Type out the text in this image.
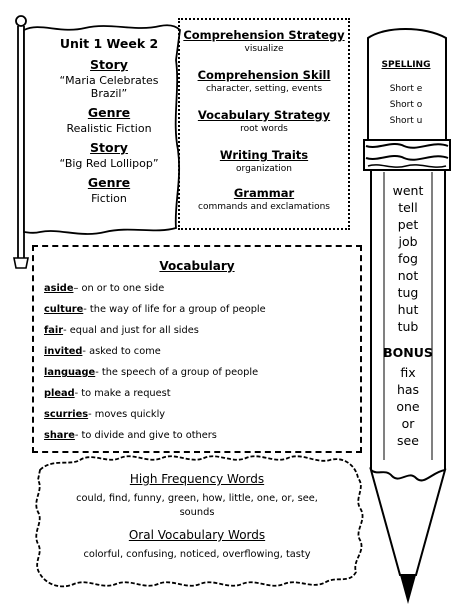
Unit 1 Week 2
Story
“Maria Celebrates Brazil”
Genre
Realistic Fiction
Story
“Big Red Lollipop”
Genre
Fiction
Comprehension Strategy
visualize
Comprehension Skill
character, setting, events
Vocabulary Strategy
root words
Writing Traits
organization
Grammar
commands and exclamations
Vocabulary
aside– on or to one side
culture- the way of life for a group of people
fair- equal and just for all sides
invited- asked to come
language- the speech of a group of people
plead- to make a request
scurries- moves quickly
share- to divide and give to others
High Frequency Words
could, find, funny, green, how, little, one, or, see,
sounds
Oral Vocabulary Words
colorful, confusing, noticed, overflowing, tasty
SPELLING
Short e
Short o
Short u
went
tell
pet
job
fog
not
tug
hut
tub
BONUS
fix
has
one
or
see
